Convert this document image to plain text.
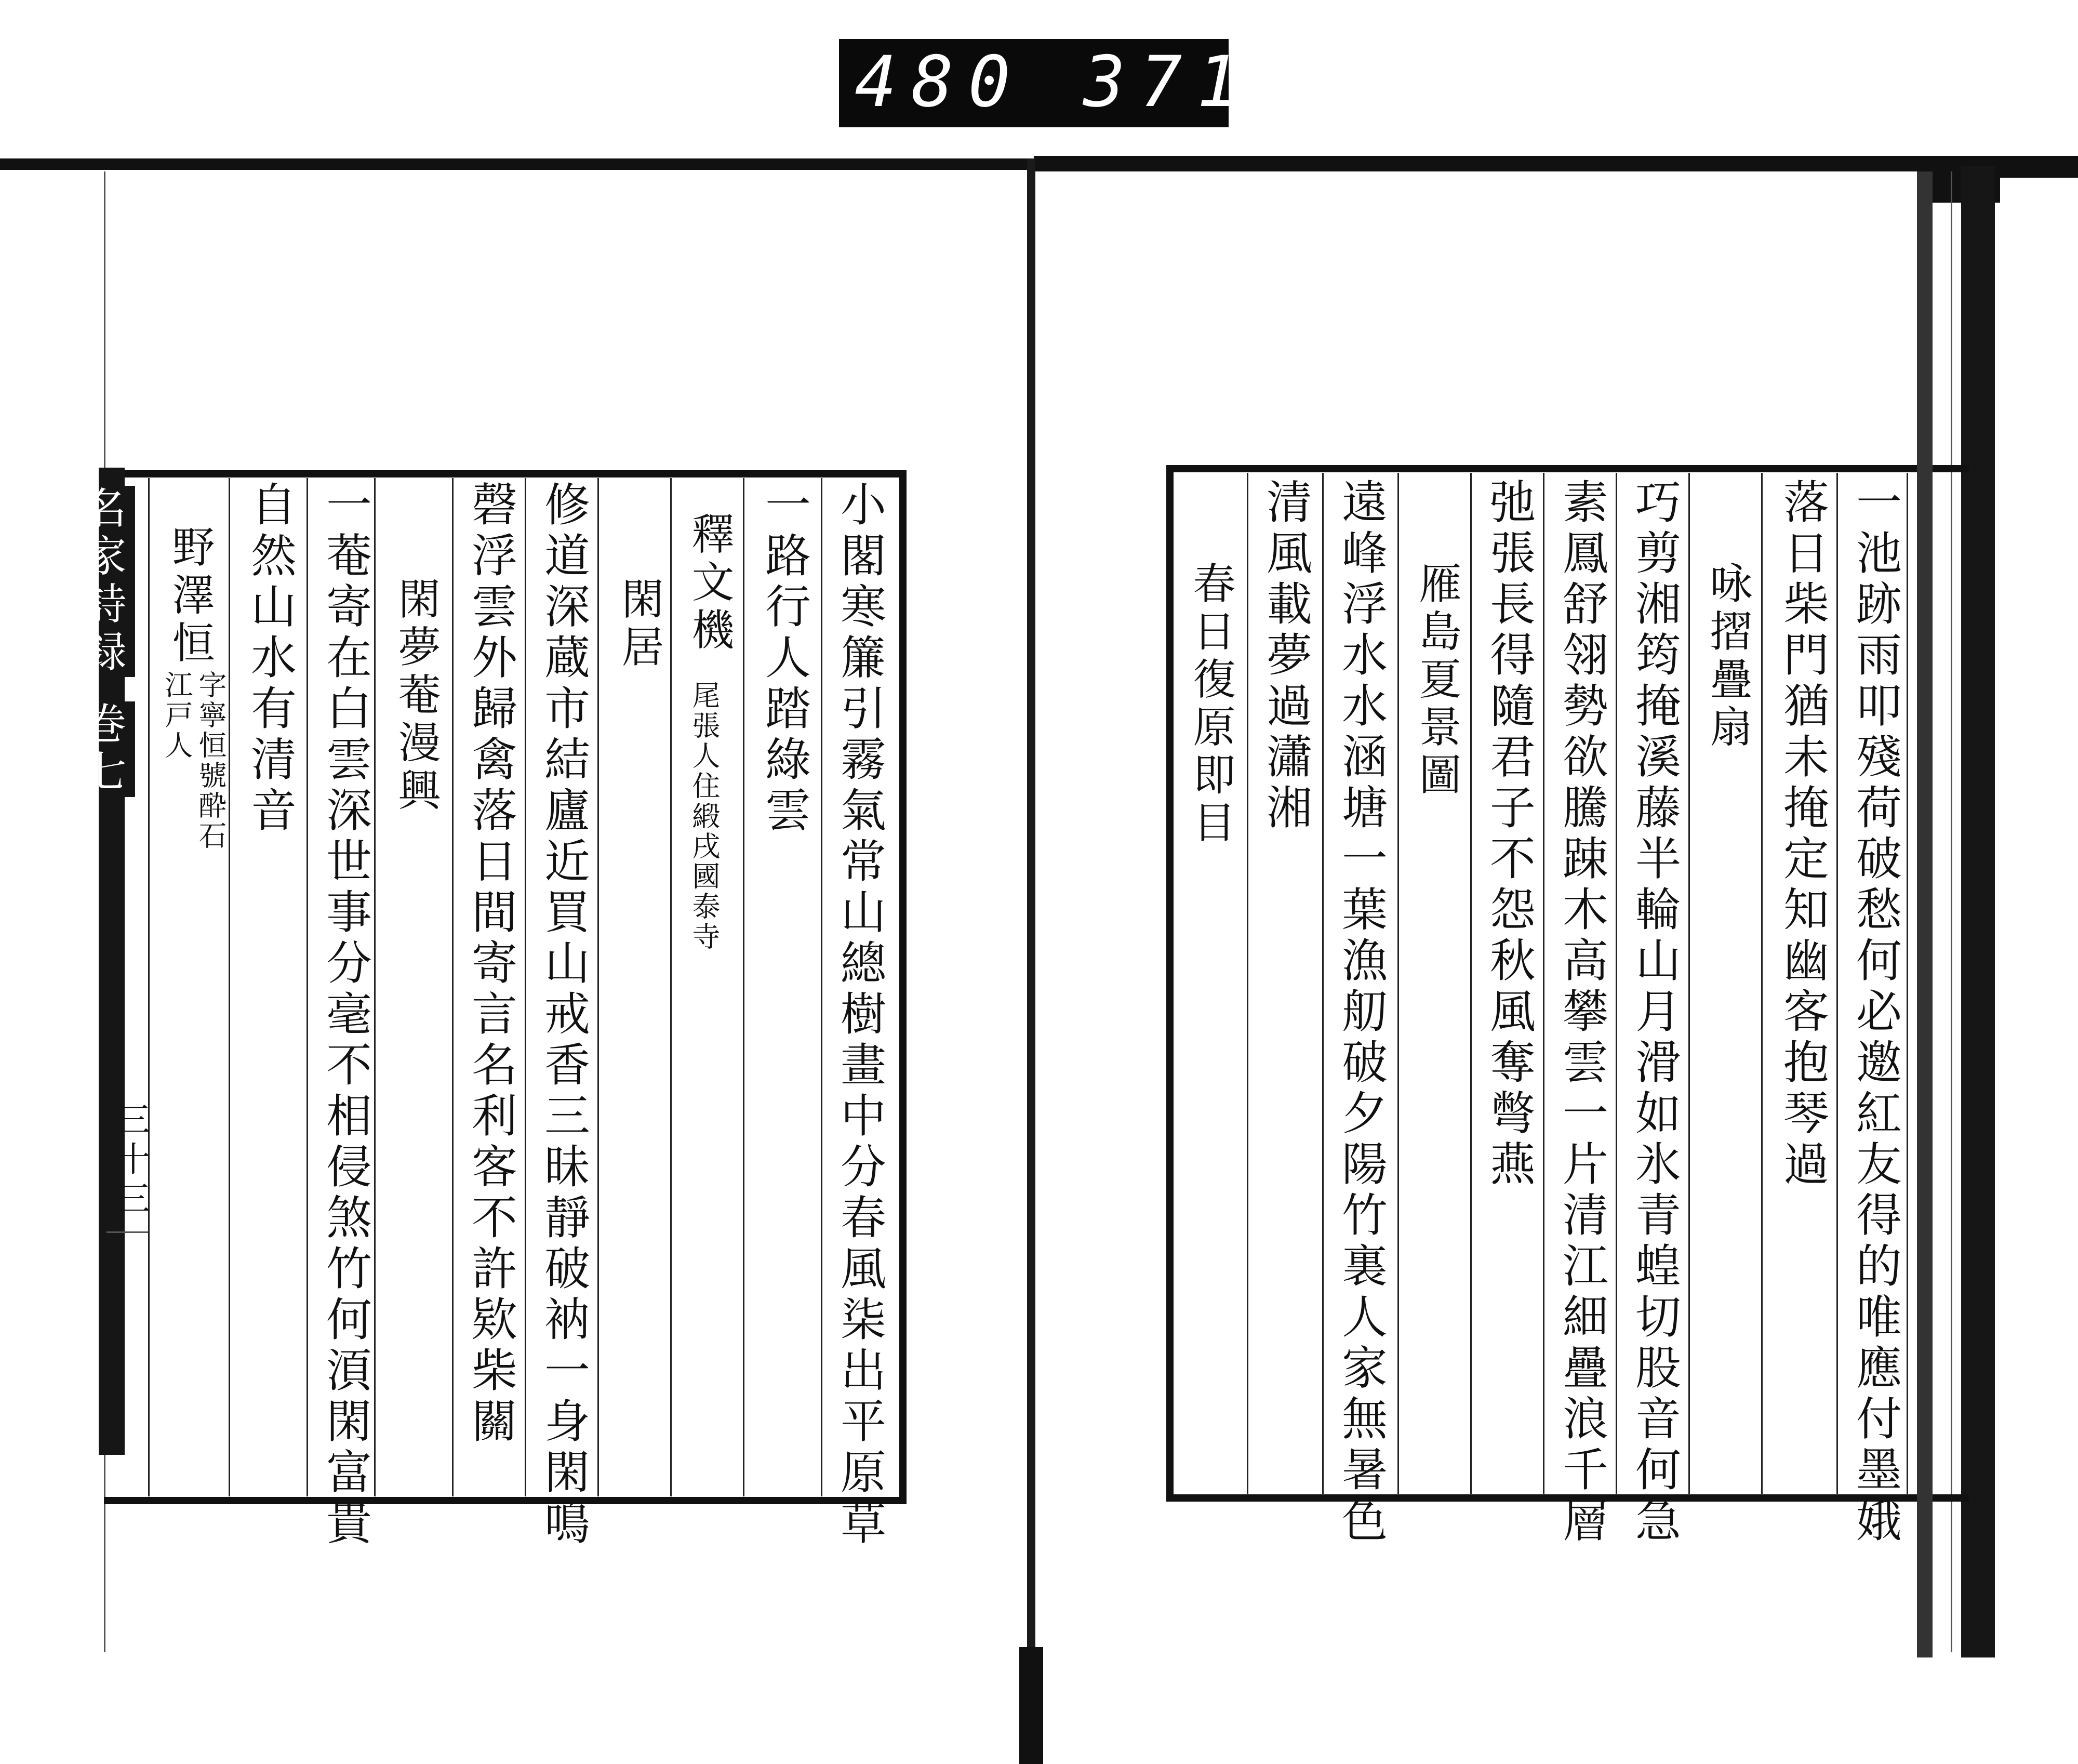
480 371.
名家詩録
巻七
三十三	小閣寒簾引霧氣常山總樹畫中分春風柒出平原草
一路行人踏綠雲
釋文機
尾張人住緞戌國泰寺
閑居
修道深蔵市結廬近買山戒香三昧靜破衲一身閑鳴
磬浮雲外歸禽落日間寄言名利客不許欵柴關
閑夢菴漫興
一菴寄在白雲深世事分毫不相侵煞竹何湏閑富貴
自然山水有清音
野澤恒
字寧恒號酔石
江戸人	一池跡雨叩殘荷破愁何必邀紅友得的唯應付墨娥
落日柴門猶未掩定知幽客抱琴過
咏摺疊扇
巧剪湘筠掩溪藤半輪山月滑如氷青蝗切股音何急
素鳳舒翎勢欲騰踈木高攀雲一片清江細疊浪千層
弛張長得隨君子不怨秋風奪彆燕
雁島夏景圖
遠峰浮水水涵塘一葉漁舠破夕陽竹裏人家無暑色
清風載夢過瀟湘
春日復原即目
